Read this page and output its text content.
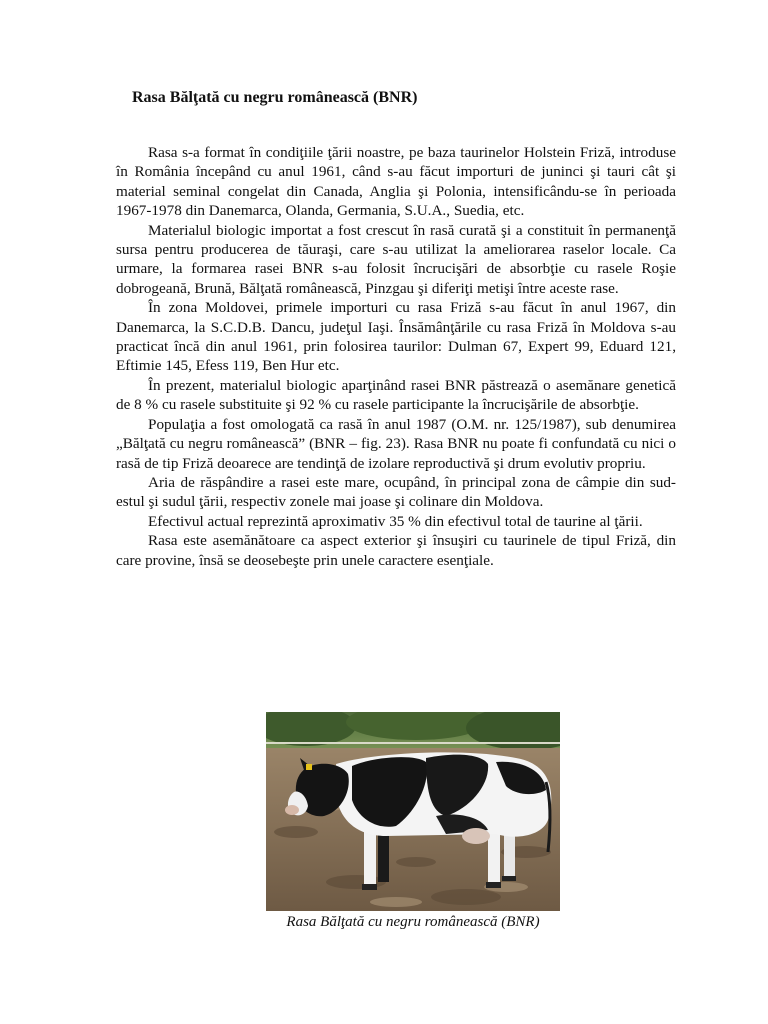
Rasa Bălţată cu negru românească (BNR)

Rasa s-a format în condiţiile ţării noastre, pe baza taurinelor Holstein Friză, introduse în România începând cu anul 1961, când s-au făcut importuri de juninci şi tauri cât şi material seminal congelat din Canada, Anglia şi Polonia, intensificându-se în perioada 1967-1978 din Danemarca, Olanda, Germania, S.U.A., Suedia, etc.

Materialul biologic importat a fost crescut în rasă curată şi a constituit în permanenţă sursa pentru producerea de tăuraşi, care s-au utilizat la ameliorarea raselor locale. Ca urmare, la formarea rasei BNR s-au folosit încrucişări de absorbţie cu rasele Roşie dobrogeană, Brună, Bălţată românească, Pinzgau şi diferiţi metişi între aceste rase.

În zona Moldovei, primele importuri cu rasa Friză s-au făcut în anul 1967, din Danemarca, la S.C.D.B. Dancu, judeţul Iaşi. Însămânţările cu rasa Friză în Moldova s-au practicat încă din anul 1961, prin folosirea taurilor: Dulman 67, Expert 99, Eduard 121, Eftimie 145, Efess 119, Ben Hur etc.

În prezent, materialul biologic aparţinând rasei BNR păstrează o asemănare genetică de 8 % cu rasele substituite şi 92 % cu rasele participante la încrucişările de absorbţie.

Populaţia a fost omologată ca rasă în anul 1987 (O.M. nr. 125/1987), sub denumirea „Bălţată cu negru românească” (BNR – fig. 23). Rasa BNR nu poate fi confundată cu nici o rasă de tip Friză deoarece are tendinţă de izolare reproductivă şi drum evolutiv propriu.

Aria de răspândire a rasei este mare, ocupând, în principal zona de câmpie din sud-estul şi sudul ţării, respectiv zonele mai joase şi colinare din Moldova.

Efectivul actual reprezintă aproximativ 35 % din efectivul total de taurine al ţării.

Rasa este asemănătoare ca aspect exterior şi însuşiri cu taurinele de tipul Friză, din care provine, însă se deosebeşte prin unele caractere esenţiale.

Rasa Bălţată cu negru românească (BNR)
